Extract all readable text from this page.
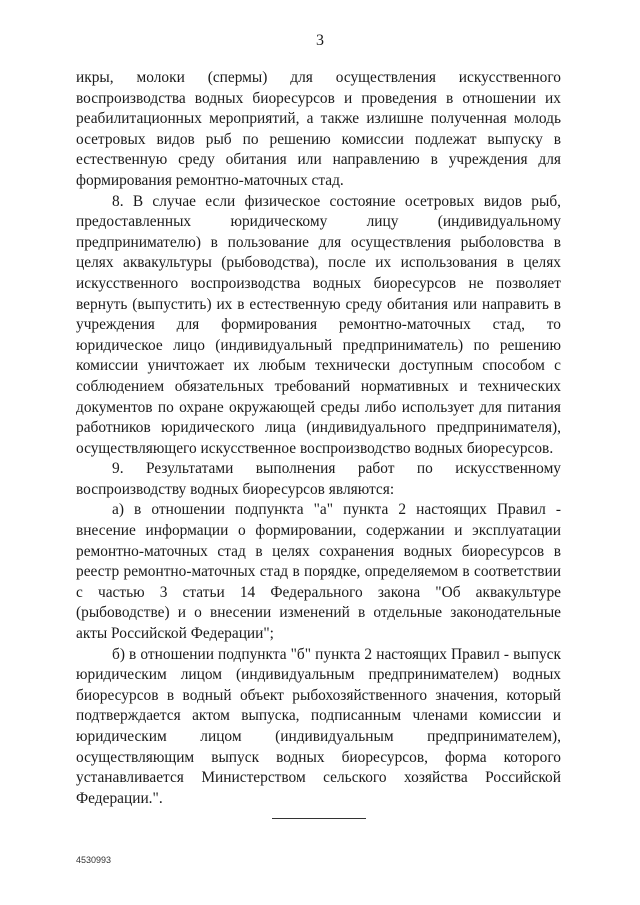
3

икры, молоки (спермы) для осуществления искусственного воспроизводства водных биоресурсов и проведения в отношении их реабилитационных мероприятий, а также излишне полученная молодь осетровых видов рыб по решению комиссии подлежат выпуску в естественную среду обитания или направлению в учреждения для формирования ремонтно-маточных стад.

8. В случае если физическое состояние осетровых видов рыб, предоставленных юридическому лицу (индивидуальному предпринимателю) в пользование для осуществления рыболовства в целях аквакультуры (рыбоводства), после их использования в целях искусственного воспроизводства водных биоресурсов не позволяет вернуть (выпустить) их в естественную среду обитания или направить в учреждения для формирования ремонтно-маточных стад, то юридическое лицо (индивидуальный предприниматель) по решению комиссии уничтожает их любым технически доступным способом с соблюдением обязательных требований нормативных и технических документов по охране окружающей среды либо использует для питания работников юридического лица (индивидуального предпринимателя), осуществляющего искусственное воспроизводство водных биоресурсов.

9. Результатами выполнения работ по искусственному воспроизводству водных биоресурсов являются:

а) в отношении подпункта "а" пункта 2 настоящих Правил - внесение информации о формировании, содержании и эксплуатации ремонтно-маточных стад в целях сохранения водных биоресурсов в реестр ремонтно-маточных стад в порядке, определяемом в соответствии с частью 3 статьи 14 Федерального закона "Об аквакультуре (рыбоводстве) и о внесении изменений в отдельные законодательные акты Российской Федерации";

б) в отношении подпункта "б" пункта 2 настоящих Правил - выпуск юридическим лицом (индивидуальным предпринимателем) водных биоресурсов в водный объект рыбохозяйственного значения, который подтверждается актом выпуска, подписанным членами комиссии и юридическим лицом (индивидуальным предпринимателем), осуществляющим выпуск водных биоресурсов, форма которого устанавливается Министерством сельского хозяйства Российской Федерации.".

4530993
